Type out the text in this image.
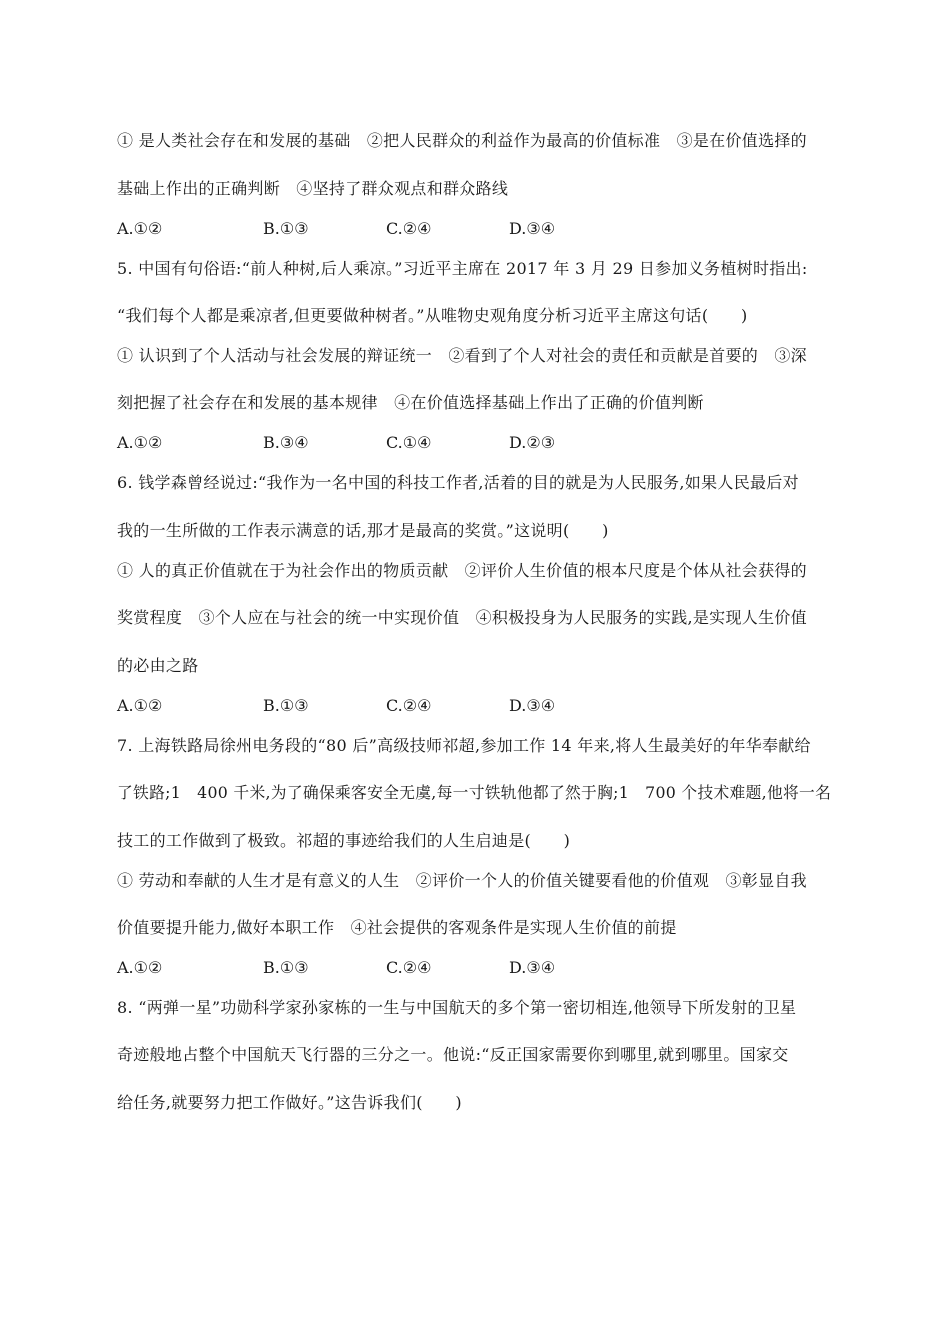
① 是人类社会存在和发展的基础　②把人民群众的利益作为最高的价值标准　③是在价值选择的
基础上作出的正确判断　④坚持了群众观点和群众路线
A.①②	B.①③	C.②④	D.③④
5. 中国有句俗语:“前人种树,后人乘凉。”习近平主席在 2017 年 3 月 29 日参加义务植树时指出:
“我们每个人都是乘凉者,但更要做种树者。”从唯物史观角度分析习近平主席这句话(　　)
① 认识到了个人活动与社会发展的辩证统一　②看到了个人对社会的责任和贡献是首要的　③深
刻把握了社会存在和发展的基本规律　④在价值选择基础上作出了正确的价值判断
A.①②	B.③④	C.①④	D.②③
6. 钱学森曾经说过:“我作为一名中国的科技工作者,活着的目的就是为人民服务,如果人民最后对
我的一生所做的工作表示满意的话,那才是最高的奖赏。”这说明(　　)
① 人的真正价值就在于为社会作出的物质贡献　②评价人生价值的根本尺度是个体从社会获得的
奖赏程度　③个人应在与社会的统一中实现价值　④积极投身为人民服务的实践,是实现人生价值
的必由之路
A.①②	B.①③	C.②④	D.③④
7. 上海铁路局徐州电务段的“80 后”高级技师祁超,参加工作 14 年来,将人生最美好的年华奉献给
了铁路;1　400 千米,为了确保乘客安全无虞,每一寸铁轨他都了然于胸;1　700 个技术难题,他将一名
技工的工作做到了极致。祁超的事迹给我们的人生启迪是(　　)
① 劳动和奉献的人生才是有意义的人生　②评价一个人的价值关键要看他的价值观　③彰显自我
价值要提升能力,做好本职工作　④社会提供的客观条件是实现人生价值的前提
A.①②	B.①③	C.②④	D.③④
8. “两弹一星”功勋科学家孙家栋的一生与中国航天的多个第一密切相连,他领导下所发射的卫星
奇迹般地占整个中国航天飞行器的三分之一。他说:“反正国家需要你到哪里,就到哪里。国家交
给任务,就要努力把工作做好。”这告诉我们(　　)
